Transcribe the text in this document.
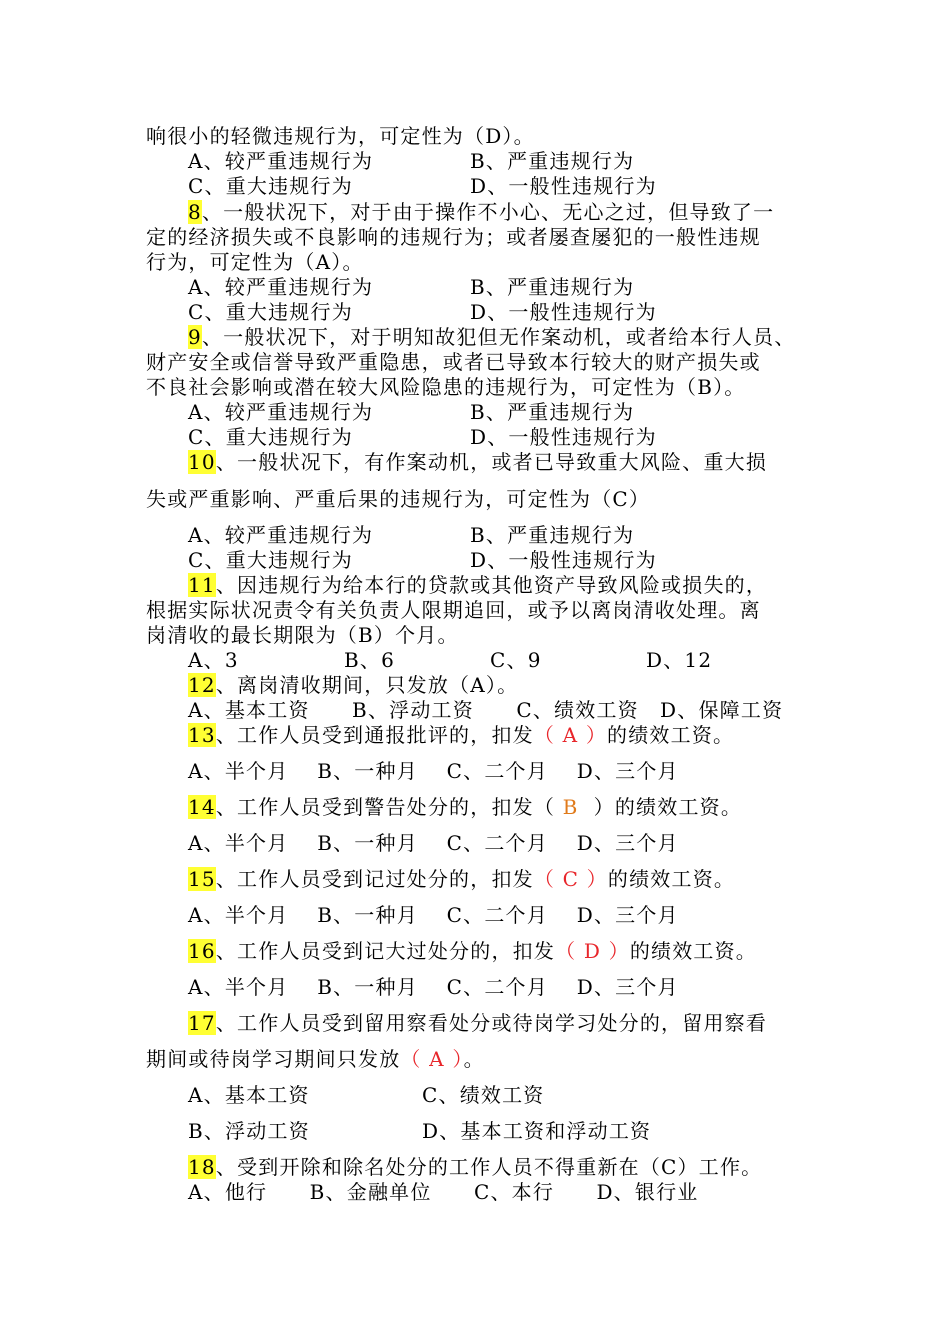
响很小的轻微违规行为，可定性为（D）。
A、较严重违规行为	B、严重违规行为
C、重大违规行为	D、一般性违规行为
8、一般状况下，对于由于操作不小心、无心之过，但导致了一
定的经济损失或不良影响的违规行为；或者屡查屡犯的一般性违规
行为，可定性为（A）。
A、较严重违规行为	B、严重违规行为
C、重大违规行为	D、一般性违规行为
9、一般状况下，对于明知故犯但无作案动机，或者给本行人员、
财产安全或信誉导致严重隐患，或者已导致本行较大的财产损失或
不良社会影响或潜在较大风险隐患的违规行为，可定性为（B）。
A、较严重违规行为	B、严重违规行为
C、重大违规行为	D、一般性违规行为
10、一般状况下，有作案动机，或者已导致重大风险、重大损
失或严重影响、严重后果的违规行为，可定性为（C）
A、较严重违规行为	B、严重违规行为
C、重大违规行为	D、一般性违规行为
11、因违规行为给本行的贷款或其他资产导致风险或损失的，
根据实际状况责令有关负责人限期追回，或予以离岗清收处理。离
岗清收的最长期限为（B）个月。
A、3	B、6	C、9	D、12
12、离岗清收期间，只发放（A）。
A、基本工资　　B、浮动工资　　C、绩效工资　D、保障工资
13、工作人员受到通报批评的，扣发（ A ）的绩效工资。
A、半个月　 B、一种月　 C、二个月　 D、三个月
14、工作人员受到警告处分的，扣发（ B  ）的绩效工资。
A、半个月　 B、一种月　 C、二个月　 D、三个月
15、工作人员受到记过处分的，扣发（ C ）的绩效工资。
A、半个月　 B、一种月　 C、二个月　 D、三个月
16、工作人员受到记大过处分的，扣发（ D ）的绩效工资。
A、半个月　 B、一种月　 C、二个月　 D、三个月
17、工作人员受到留用察看处分或待岗学习处分的，留用察看
期间或待岗学习期间只发放（ A ）。
A、基本工资	C、绩效工资
B、浮动工资	D、基本工资和浮动工资
18、受到开除和除名处分的工作人员不得重新在（C）工作。
A、他行　　B、金融单位　　C、本行　　D、银行业
